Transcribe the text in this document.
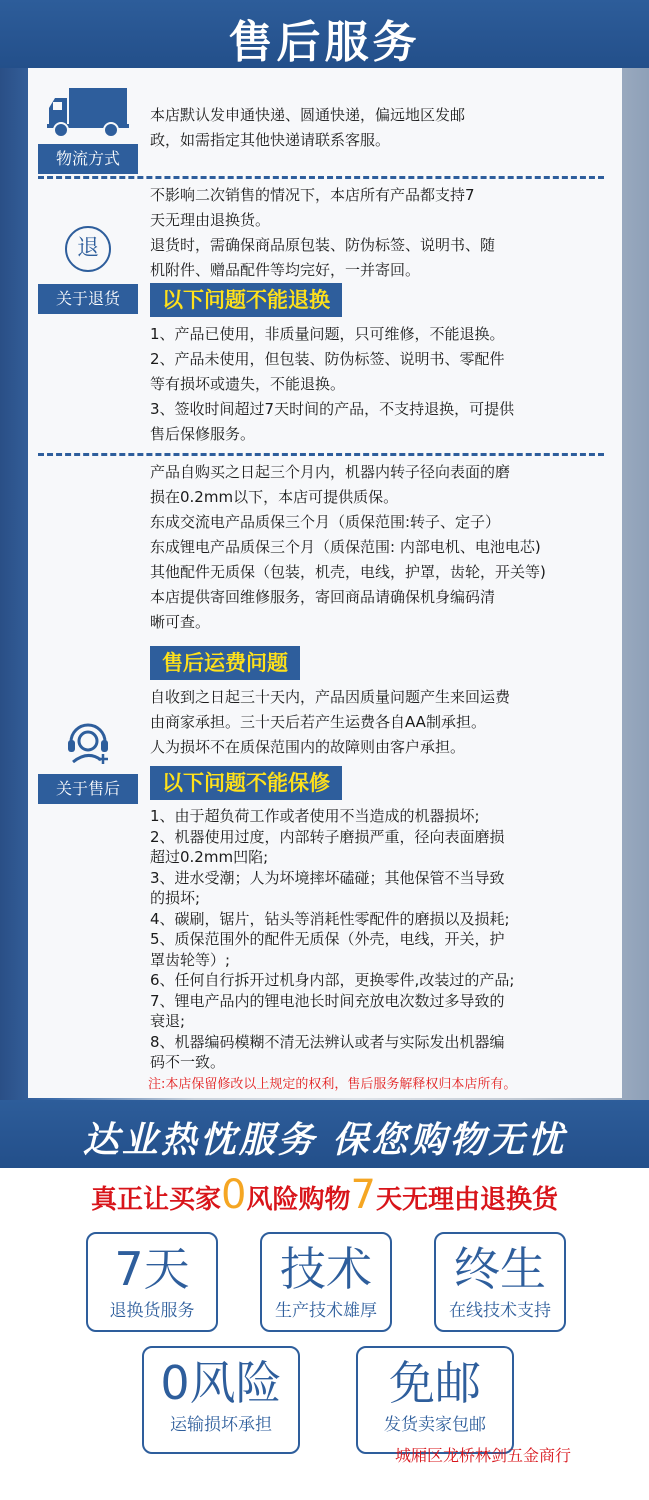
售后服务
物流方式

本店默认发申通快递、圆通快递，偏远地区发邮

政，如需指定其他快递请联系客服。

不影响二次销售的情况下，本店所有产品都支持7

天无理由退换货。

退货时，需确保商品原包装、防伪标签、说明书、随

机附件、赠品配件等均完好，一并寄回。

退
关于退货	以下问题不能退换

1、产品已使用，非质量问题，只可维修，不能退换。

2、产品未使用，但包装、防伪标签、说明书、零配件

等有损坏或遗失，不能退换。

3、签收时间超过7天时间的产品，不支持退换，可提供

售后保修服务。

产品自购买之日起三个月内，机器内转子径向表面的磨

损在0.2mm以下，本店可提供质保。

东成交流电产品质保三个月（质保范围:转子、定子）

东成锂电产品质保三个月（质保范围: 内部电机、电池电芯)

其他配件无质保（包装，机壳，电线，护罩，齿轮，开关等)

本店提供寄回维修服务，寄回商品请确保机身编码清

晰可查。

售后运费问题

自收到之日起三十天内，产品因质量问题产生来回运费

由商家承担。三十天后若产生运费各自AA制承担。

人为损坏不在质保范围内的故障则由客户承担。

关于售后	以下问题不能保修

1、由于超负荷工作或者使用不当造成的机器损坏;

2、机器使用过度，内部转子磨损严重，径向表面磨损

超过0.2mm凹陷;

3、进水受潮；人为坏境摔坏磕碰；其他保管不当导致

的损坏;

4、碳刷，锯片，钻头等消耗性零配件的磨损以及损耗;

5、质保范围外的配件无质保（外壳，电线，开关，护

罩齿轮等）;

6、任何自行拆开过机身内部，更换零件,改装过的产品;

7、锂电产品内的锂电池长时间充放电次数过多导致的

衰退;

8、机器编码模糊不清无法辨认或者与实际发出机器编

码不一致。

注:本店保留修改以上规定的权利，售后服务解释权归本店所有。
达业热忱服务 保您购物无忧
真正让买家0风险购物7天无理由退换货
7天
退换货服务
技术
生产技术雄厚
终生
在线技术支持
0风险
运输损坏承担
免邮
发货卖家包邮
城厢区龙桥林剑五金商行
